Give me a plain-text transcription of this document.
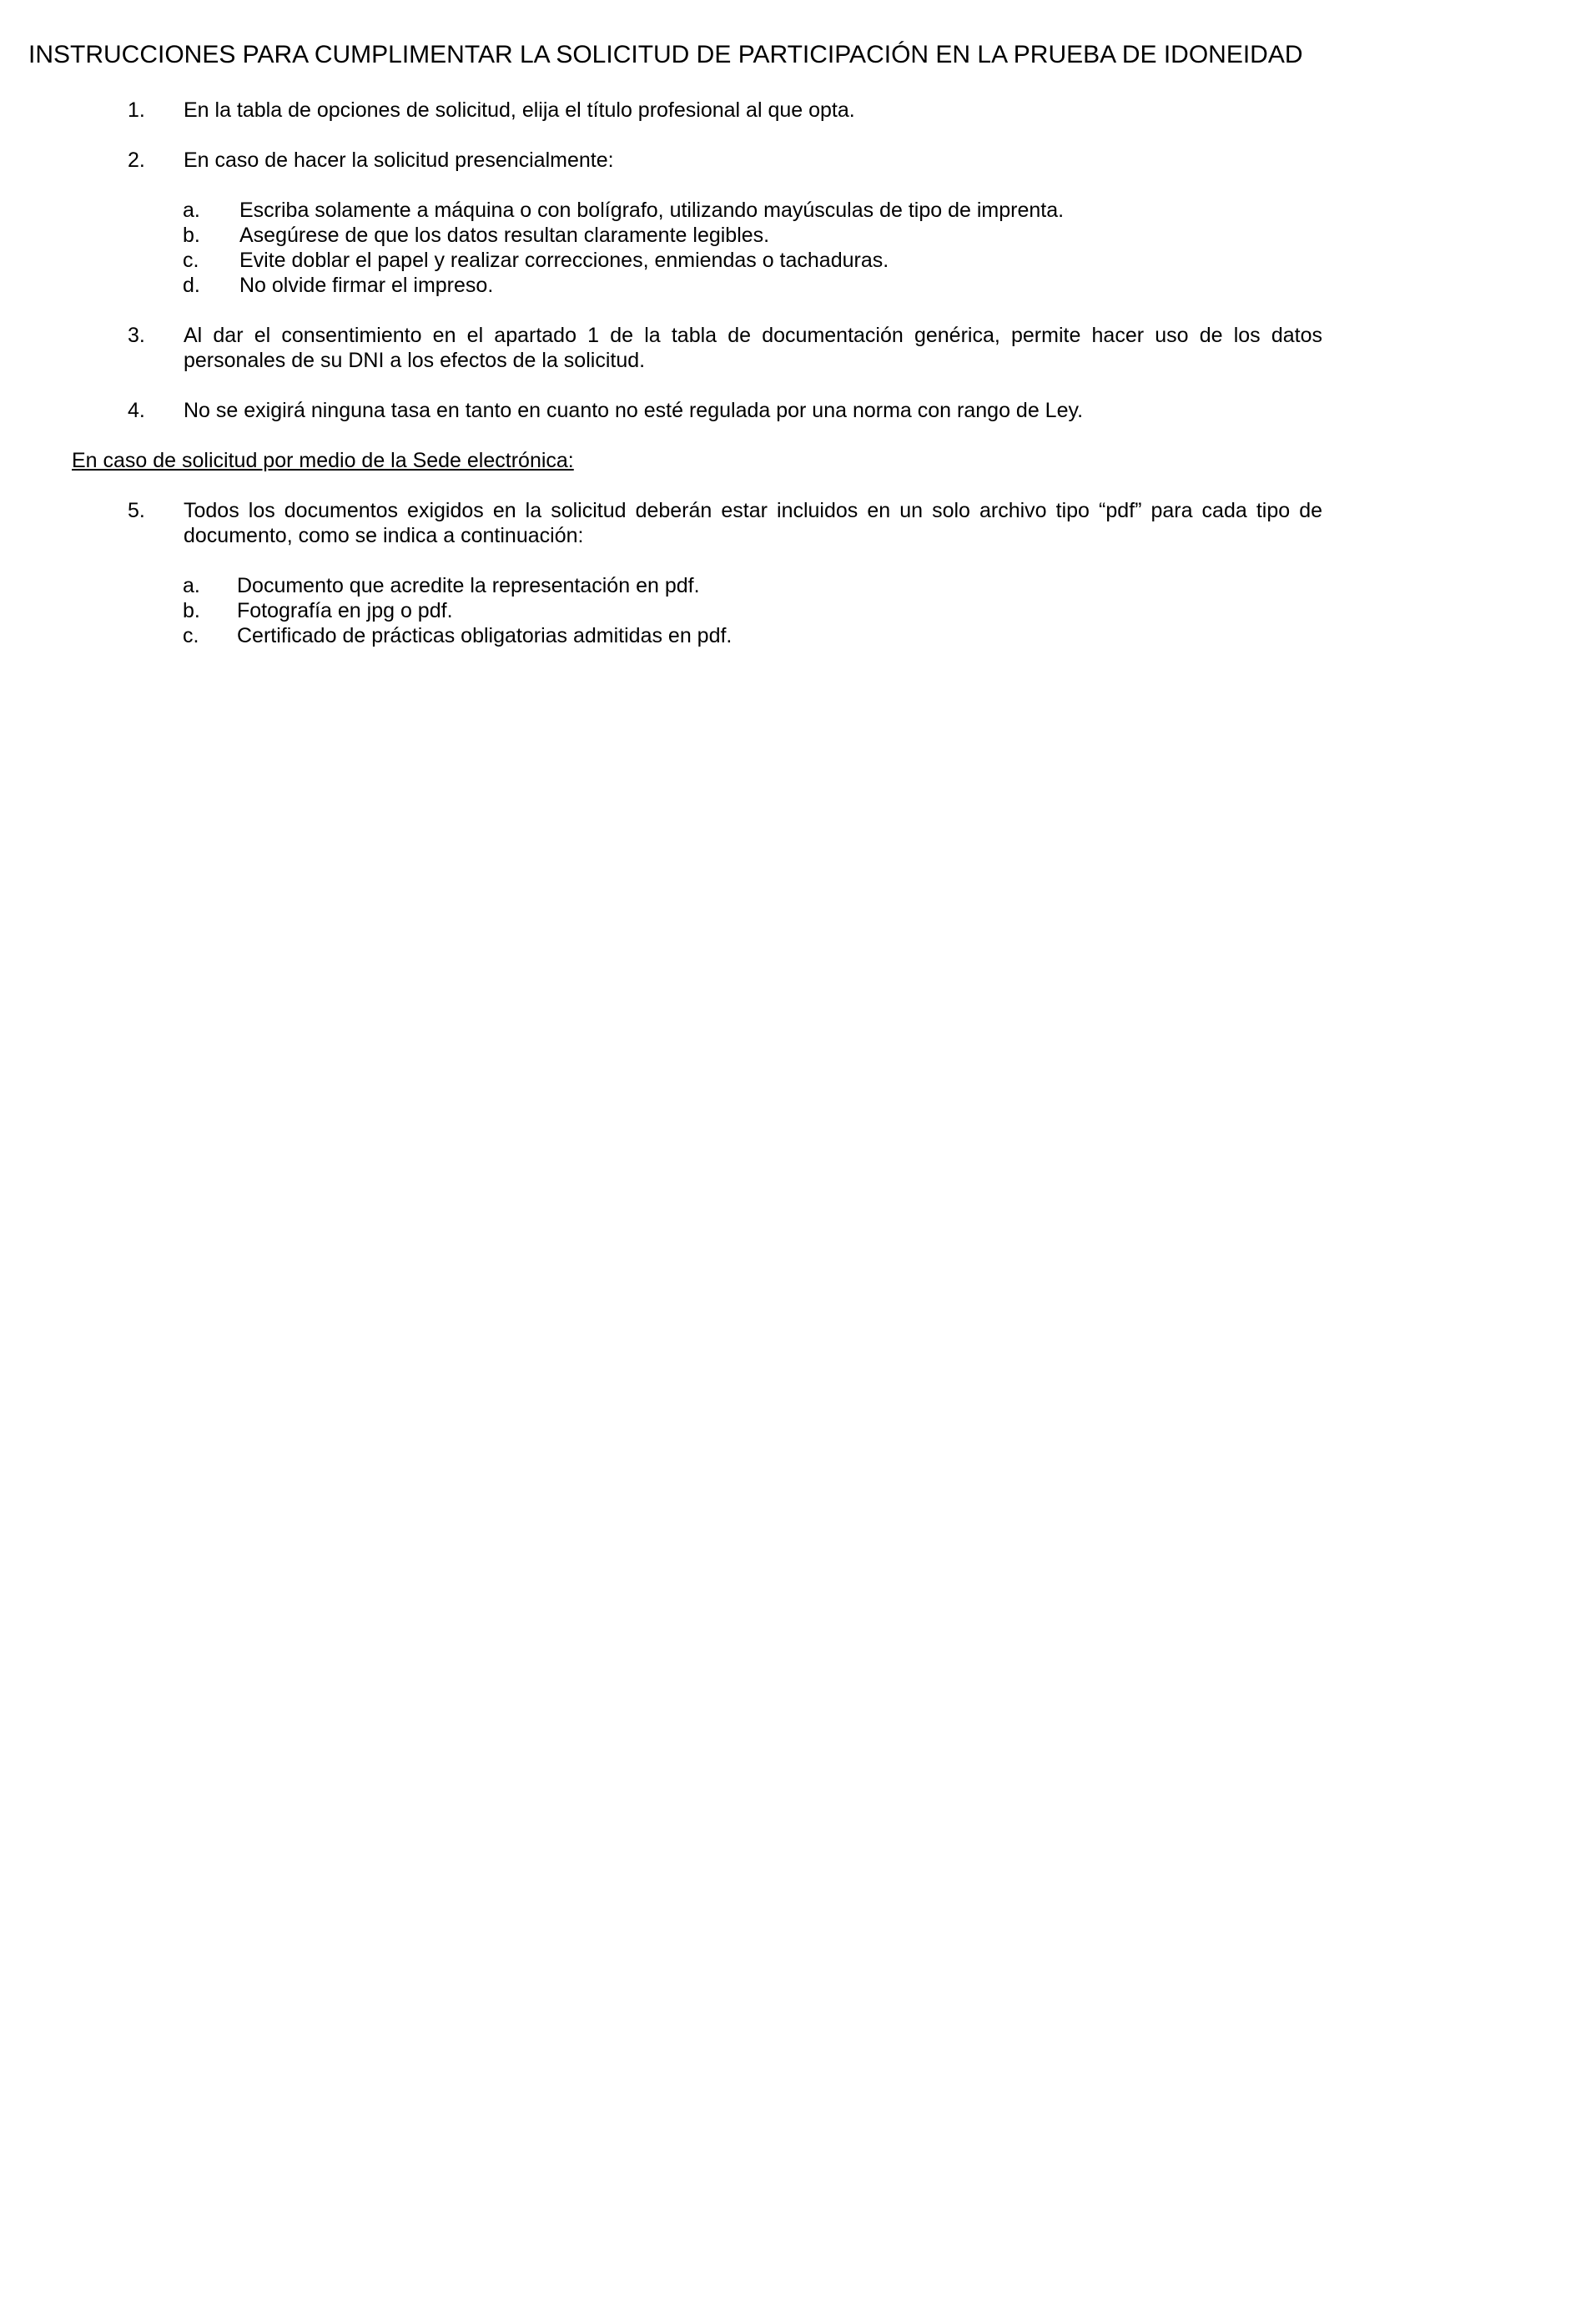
INSTRUCCIONES PARA CUMPLIMENTAR LA SOLICITUD DE PARTICIPACIÓN EN LA PRUEBA DE IDONEIDAD
1. En la tabla de opciones de solicitud, elija el título profesional al que opta.
2. En caso de hacer la solicitud presencialmente:
a. Escriba solamente a máquina o con bolígrafo, utilizando mayúsculas de tipo de imprenta.
b. Asegúrese de que los datos resultan claramente legibles.
c. Evite doblar el papel y realizar correcciones, enmiendas o tachaduras.
d. No olvide firmar el impreso.
3. Al dar el consentimiento en el apartado 1 de la tabla de documentación genérica, permite hacer uso de los datos personales de su DNI a los efectos de la solicitud.
4. No se exigirá ninguna tasa en tanto en cuanto no esté regulada por una norma con rango de Ley.
En caso de solicitud por medio de la Sede electrónica:
5. Todos los documentos exigidos en la solicitud deberán estar incluidos en un solo archivo tipo “pdf” para cada tipo de documento, como se indica a continuación:
a. Documento que acredite la representación en pdf.
b. Fotografía en jpg o pdf.
c. Certificado de prácticas obligatorias admitidas en pdf.
